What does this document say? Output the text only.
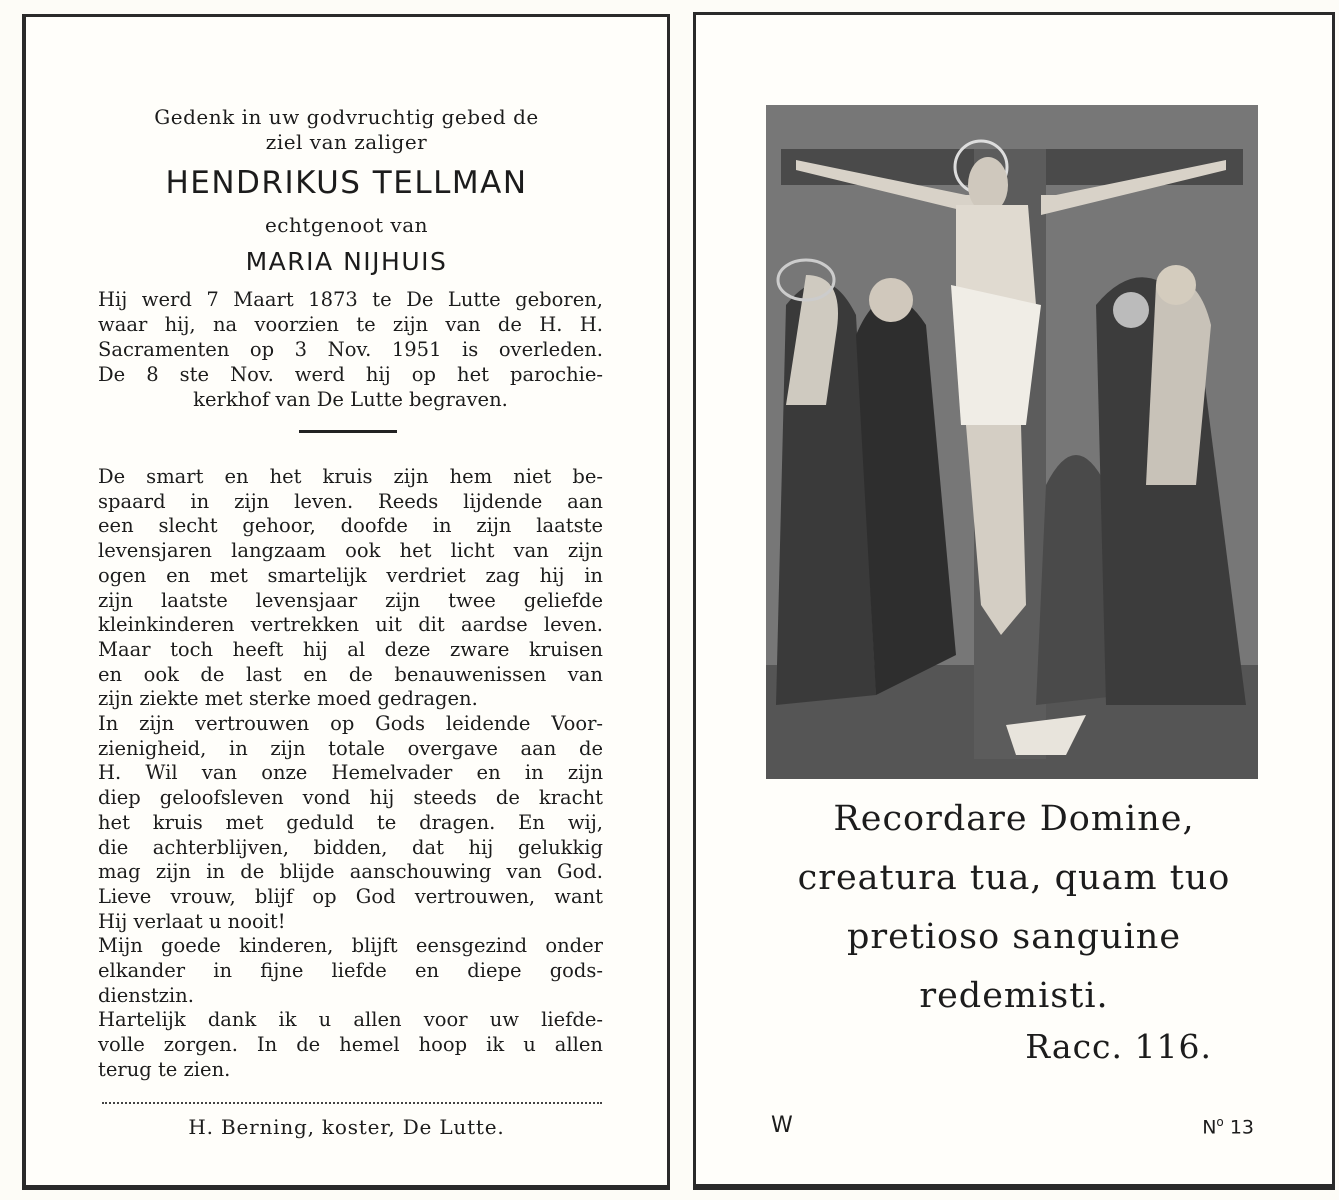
Gedenk in uw godvruchtig gebed de
ziel van zaliger
HENDRIKUS TELLMAN
echtgenoot van
MARIA NIJHUIS
Hij werd 7 Maart 1873 te De Lutte geboren,
waar hij, na voorzien te zijn van de H. H.
Sacramenten op 3 Nov. 1951 is overleden.
De 8 ste Nov. werd hij op het parochie-
kerkhof van De Lutte begraven.
De smart en het kruis zijn hem niet be-
spaard in zijn leven. Reeds lijdende aan
een slecht gehoor, doofde in zijn laatste
levensjaren langzaam ook het licht van zijn
ogen en met smartelijk verdriet zag hij in
zijn laatste levensjaar zijn twee geliefde
kleinkinderen vertrekken uit dit aardse leven.
Maar toch heeft hij al deze zware kruisen
en ook de last en de benauwenissen van
zijn ziekte met sterke moed gedragen.
In zijn vertrouwen op Gods leidende Voor-
zienigheid, in zijn totale overgave aan de
H. Wil van onze Hemelvader en in zijn
diep geloofsleven vond hij steeds de kracht
het kruis met geduld te dragen. En wij,
die achterblijven, bidden, dat hij gelukkig
mag zijn in de blijde aanschouwing van God.
Lieve vrouw, blijf op God vertrouwen, want
Hij verlaat u nooit!
Mijn goede kinderen, blijft eensgezind onder
elkander in fijne liefde en diepe gods-
dienstzin.
Hartelijk dank ik u allen voor uw liefde-
volle zorgen. In de hemel hoop ik u allen
terug te zien.
H. Berning, koster, De Lutte.
Recordare Domine,
creatura tua, quam tuo
pretioso sanguine
redemisti.
Racc. 116.
W	$N^o$ 13
